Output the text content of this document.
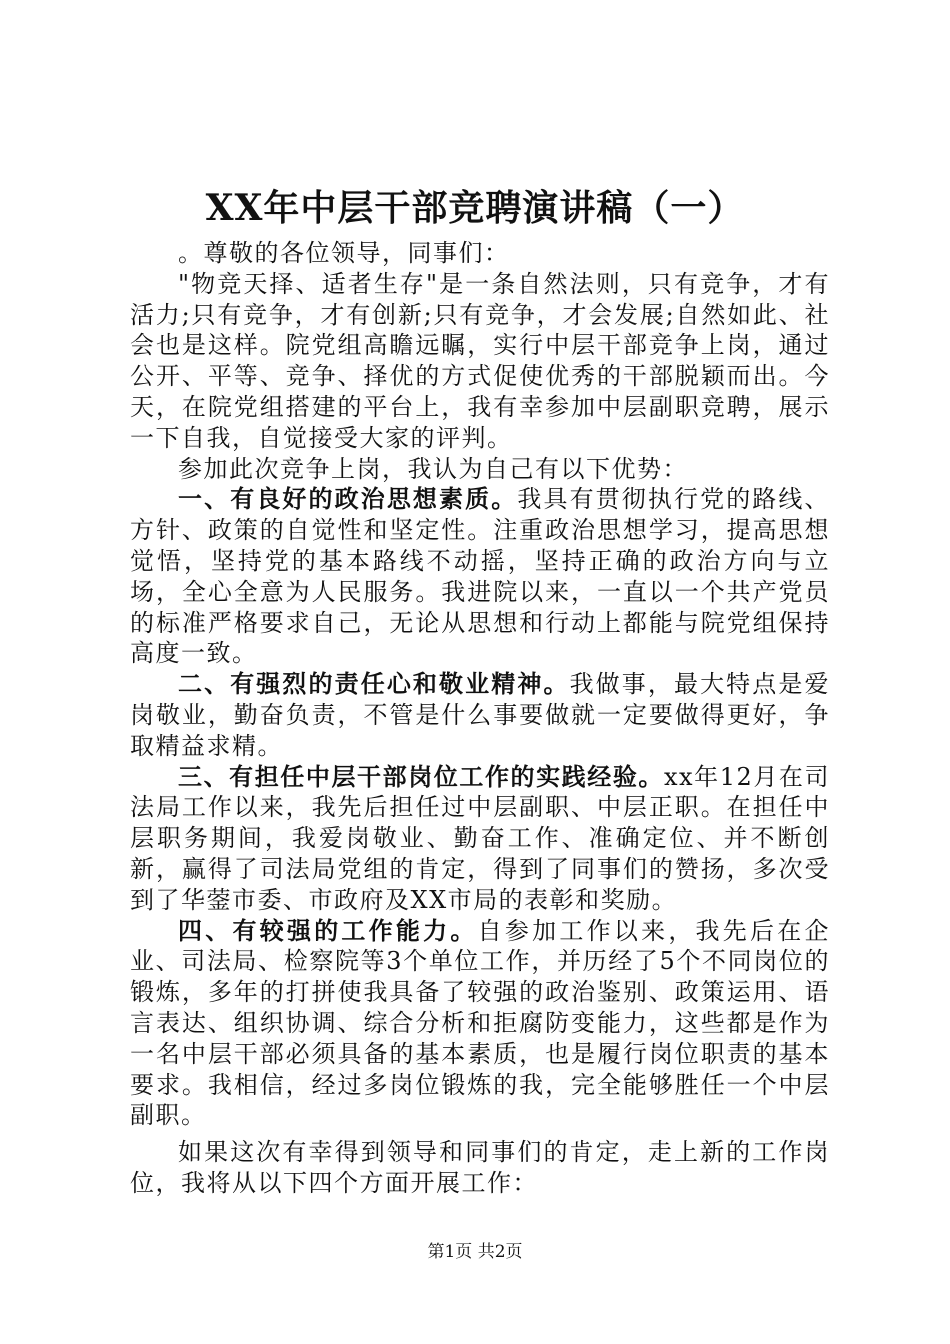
XX年中层干部竞聘演讲稿（一）

。尊敬的各位领导，同事们：

"物竞天择、适者生存"是一条自然法则，只有竞争，才有活力;只有竞争，才有创新;只有竞争，才会发展;自然如此、社会也是这样。院党组高瞻远瞩，实行中层干部竞争上岗，通过公开、平等、竞争、择优的方式促使优秀的干部脱颖而出。今天，在院党组搭建的平台上，我有幸参加中层副职竞聘，展示一下自我，自觉接受大家的评判。

参加此次竞争上岗，我认为自己有以下优势：

一、有良好的政治思想素质。我具有贯彻执行党的路线、方针、政策的自觉性和坚定性。注重政治思想学习，提高思想觉悟，坚持党的基本路线不动摇，坚持正确的政治方向与立场，全心全意为人民服务。我进院以来，一直以一个共产党员的标准严格要求自己，无论从思想和行动上都能与院党组保持高度一致。

二、有强烈的责任心和敬业精神。我做事，最大特点是爱岗敬业，勤奋负责，不管是什么事要做就一定要做得更好，争取精益求精。

三、有担任中层干部岗位工作的实践经验。xx年12月在司法局工作以来，我先后担任过中层副职、中层正职。在担任中层职务期间，我爱岗敬业、勤奋工作、准确定位、并不断创新，赢得了司法局党组的肯定，得到了同事们的赞扬，多次受到了华蓥市委、市政府及XX市局的表彰和奖励。

四、有较强的工作能力。自参加工作以来，我先后在企业、司法局、检察院等3个单位工作，并历经了5个不同岗位的锻炼，多年的打拼使我具备了较强的政治鉴别、政策运用、语言表达、组织协调、综合分析和拒腐防变能力，这些都是作为一名中层干部必须具备的基本素质，也是履行岗位职责的基本要求。我相信，经过多岗位锻炼的我，完全能够胜任一个中层副职。

如果这次有幸得到领导和同事们的肯定，走上新的工作岗位，我将从以下四个方面开展工作：

第1页 共2页
